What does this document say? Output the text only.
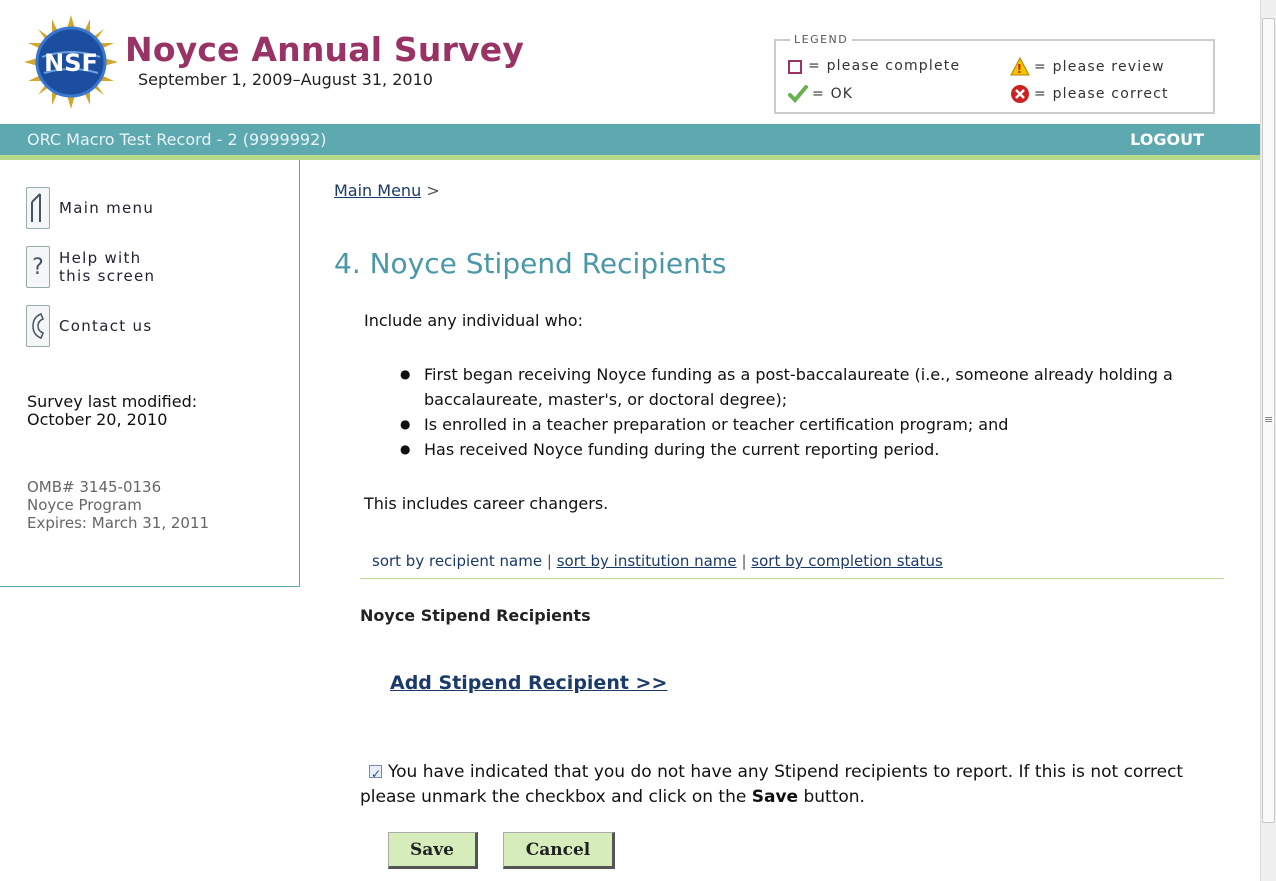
NSF Noyce Annual Survey
September 1, 2009–August 31, 2010
LEGEND
= please complete	! = please review
= OK	= please correct
ORC Macro Test Record - 2 (9999992)	LOGOUT
Main menu
?	Help with
this screen
Contact us
Survey last modified:
October 20, 2010
OMB# 3145-0136
Noyce Program
Expires: March 31, 2011
Main Menu >
4. Noyce Stipend Recipients
Include any individual who:
● First began receiving Noyce funding as a post-baccalaureate (i.e., someone already holding a baccalaureate, master's, or doctoral degree);
● Is enrolled in a teacher preparation or teacher certification program; and
● Has received Noyce funding during the current reporting period.
This includes career changers.
sort by recipient name | sort by institution name | sort by completion status
Noyce Stipend Recipients
Add Stipend Recipient >>
✓You have indicated that you do not have any Stipend recipients to report. If this is not correct please unmark the checkbox and click on the Save button.
Save	Cancel
≡
